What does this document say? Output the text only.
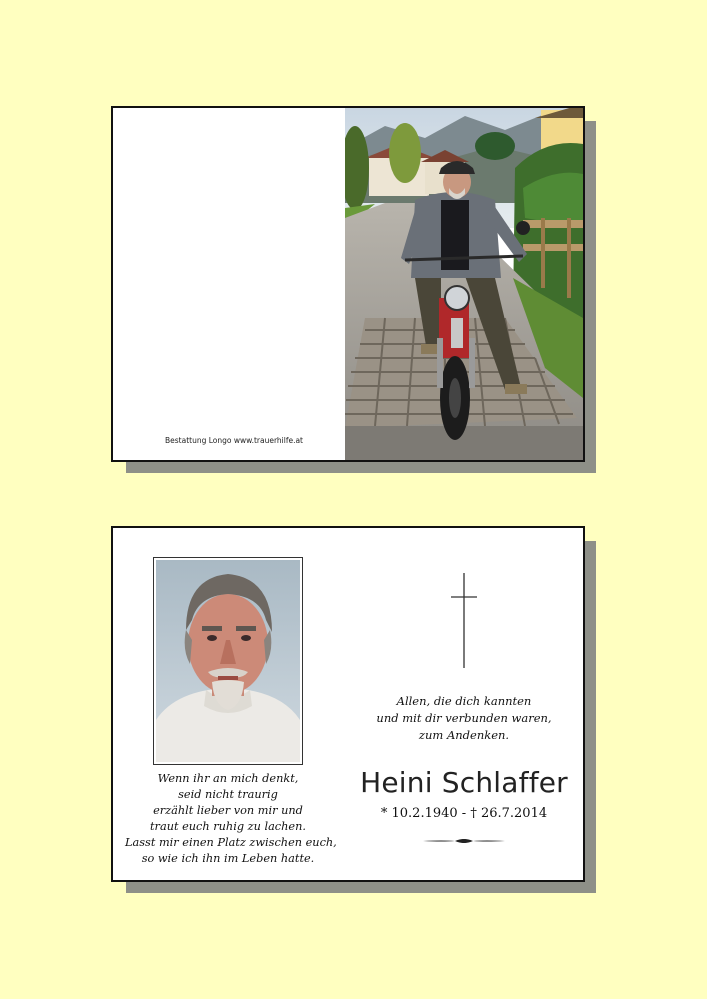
Bestattung Longo www.trauerhilfe.at
Wenn ihr an mich denkt,
seid nicht traurig
erzählt lieber von mir und
traut euch ruhig zu lachen.
Lasst mir einen Platz zwischen euch,
so wie ich ihn im Leben hatte.
Allen, die dich kannten
und mit dir verbunden waren,
zum Andenken.
Heini Schlaffer
* 10.2.1940 - † 26.7.2014
